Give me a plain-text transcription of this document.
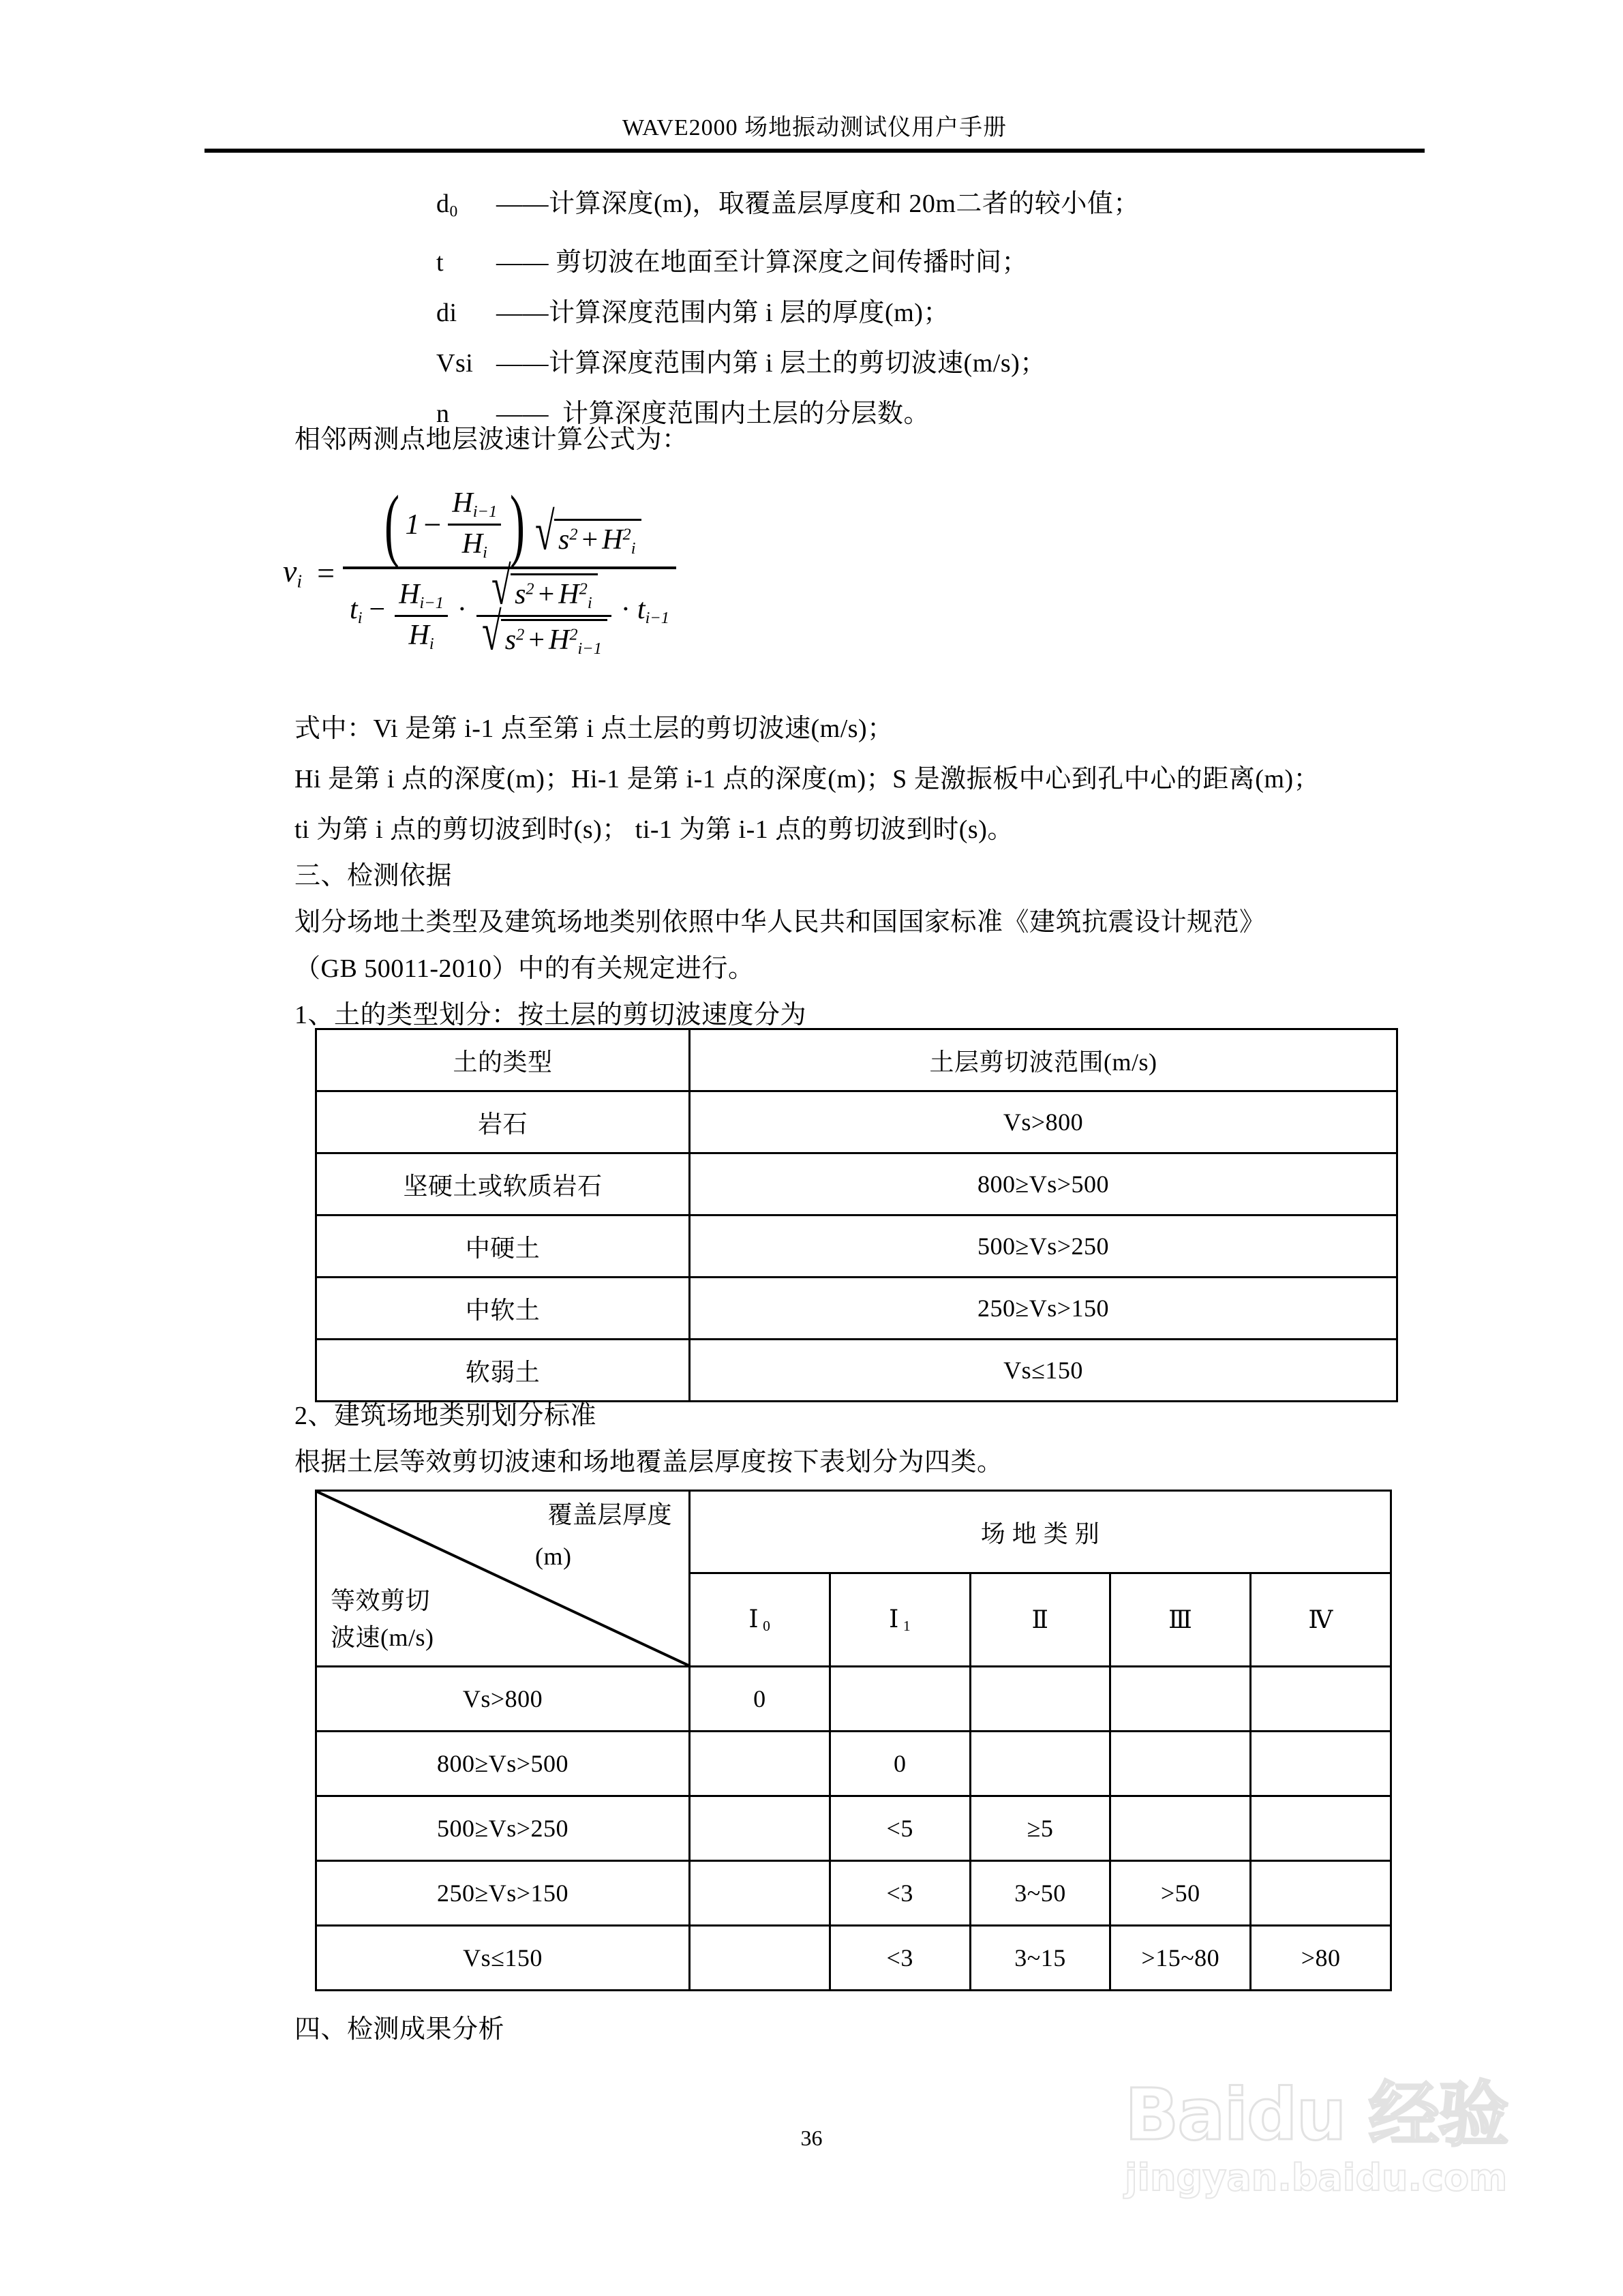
WAVE2000 场地振动测试仪用户手册
$d_0$ ——计算深度(m)，取覆盖层厚度和 20m二者的较小值；
t —— 剪切波在地面至计算深度之间传播时间；
di ——计算深度范围内第 i 层的厚度(m)；
Vsi ——计算深度范围内第 i 层土的剪切波速(m/s)；
n —— 计算深度范围内土层的分层数。
相邻两测点地层波速计算公式为：
$v_i$ =
( 1 −
$H_{i-1}$
$H_i$ )
√ $s^2 + H^2_i$
$t_i - \frac{H_{i-1}}{H_i} \cdot \frac{√ s^2 + H^2_i}{√ s^2 + H^2_{i-1}} \cdot t_{i-1}$
式中：Vi 是第 i-1 点至第 i 点土层的剪切波速(m/s)；
Hi 是第 i 点的深度(m)；Hi-1 是第 i-1 点的深度(m)；S 是激振板中心到孔中心的距离(m)；
ti 为第 i 点的剪切波到时(s)； ti-1 为第 i-1 点的剪切波到时(s)。
三、检测依据
划分场地土类型及建筑场地类别依照中华人民共和国国家标准《建筑抗震设计规范》
（GB 50011-2010）中的有关规定进行。
1、土的类型划分：按土层的剪切波速度分为
土的类型	土层剪切波范围(m/s)
岩石	Vs>800
坚硬土或软质岩石	800≥Vs>500
中硬土	500≥Vs>250
中软土	250≥Vs>150
软弱土	Vs≤150
2、建筑场地类别划分标准
根据土层等效剪切波速和场地覆盖层厚度按下表划分为四类。
覆盖层厚度
(m)
等效剪切
波速(m/s)	场 地 类 别				
	Ⅰ $_0$	Ⅰ $_1$	Ⅱ	Ⅲ	Ⅳ
Vs>800	0				
800≥Vs>500		0			
500≥Vs>250		<5	≥5		
250≥Vs>150		<3	3~50	>50	
Vs≤150		<3	3~15	>15~80	>80
四、检测成果分析
36	Baidu 经验
jingyan.baidu.com
